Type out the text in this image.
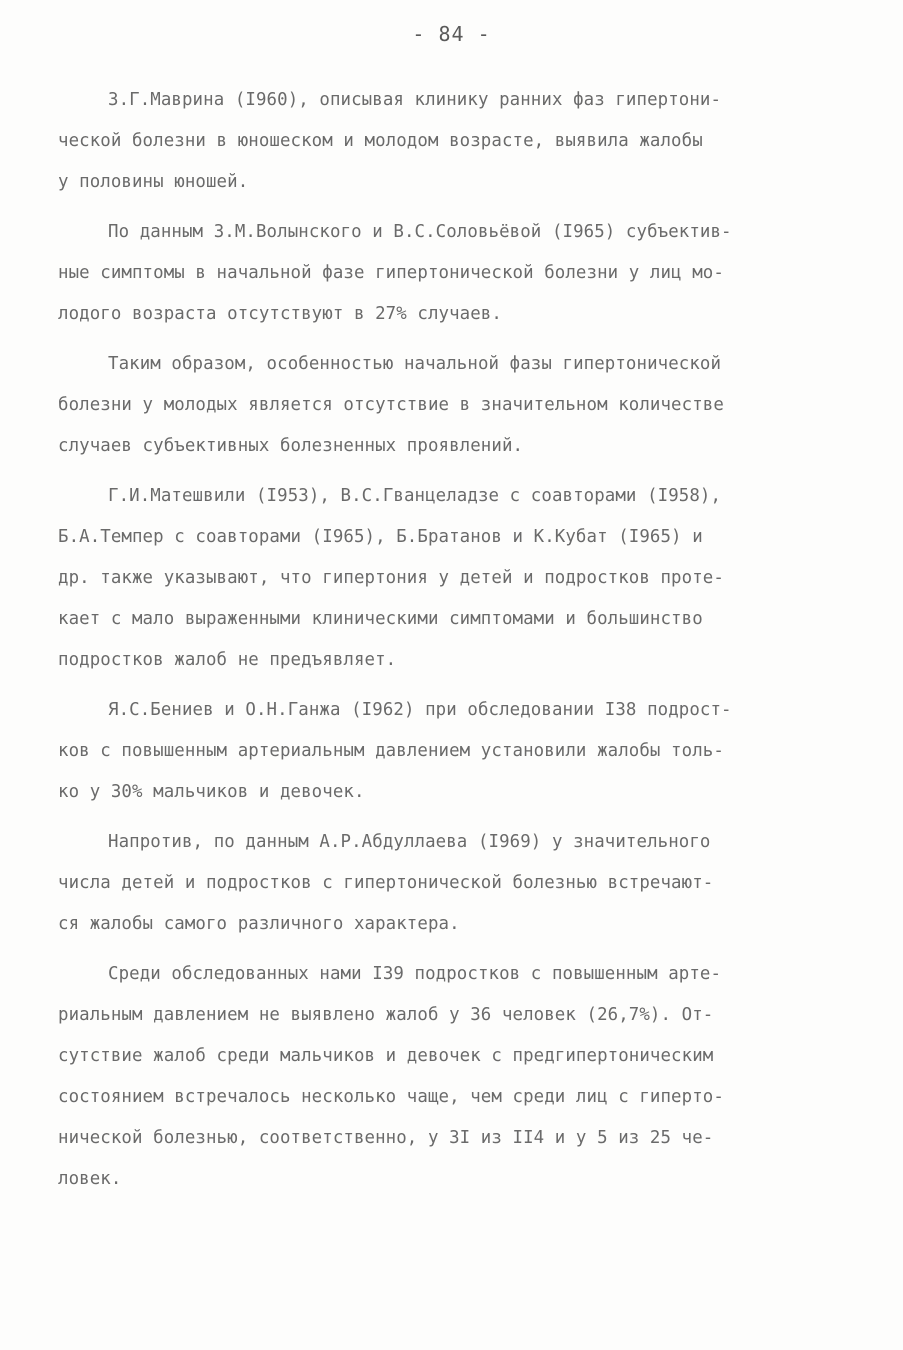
- 84 -
З.Г.Маврина (I960), описывая клинику ранних фаз гипертони-
ческой болезни в юношеском и молодом возрасте, выявила жалобы
у половины юношей.
По данным З.М.Волынского и В.С.Соловьёвой (I965) субъектив-
ные симптомы в начальной фазе гипертонической болезни у лиц мо-
лодого возраста отсутствуют в 27% случаев.
Таким образом, особенностью начальной фазы гипертонической
болезни у молодых является отсутствие в значительном количестве
случаев субъективных болезненных проявлений.
Г.И.Матешвили (I953), В.С.Гванцеладзе с соавторами (I958),
Б.А.Темпер с соавторами (I965), Б.Братанов и К.Кубат (I965) и
др. также указывают, что гипертония у детей и подростков проте-
кает с мало выраженными клиническими симптомами и большинство
подростков жалоб не предъявляет.
Я.С.Бениев и О.Н.Ганжа (I962) при обследовании I38 подрост-
ков с повышенным артериальным давлением установили жалобы толь-
ко у 30% мальчиков и девочек.
Напротив, по данным А.Р.Абдуллаева (I969) у значительного
числа детей и подростков с гипертонической болезнью встречают-
ся жалобы самого различного характера.
Среди обследованных нами I39 подростков с повышенным арте-
риальным давлением не выявлено жалоб у 36 человек (26,7%). От-
сутствие жалоб среди мальчиков и девочек с предгипертоническим
состоянием встречалось несколько чаще, чем среди лиц с гиперто-
нической болезнью, соответственно, у 3I из II4 и у 5 из 25 че-
ловек.
